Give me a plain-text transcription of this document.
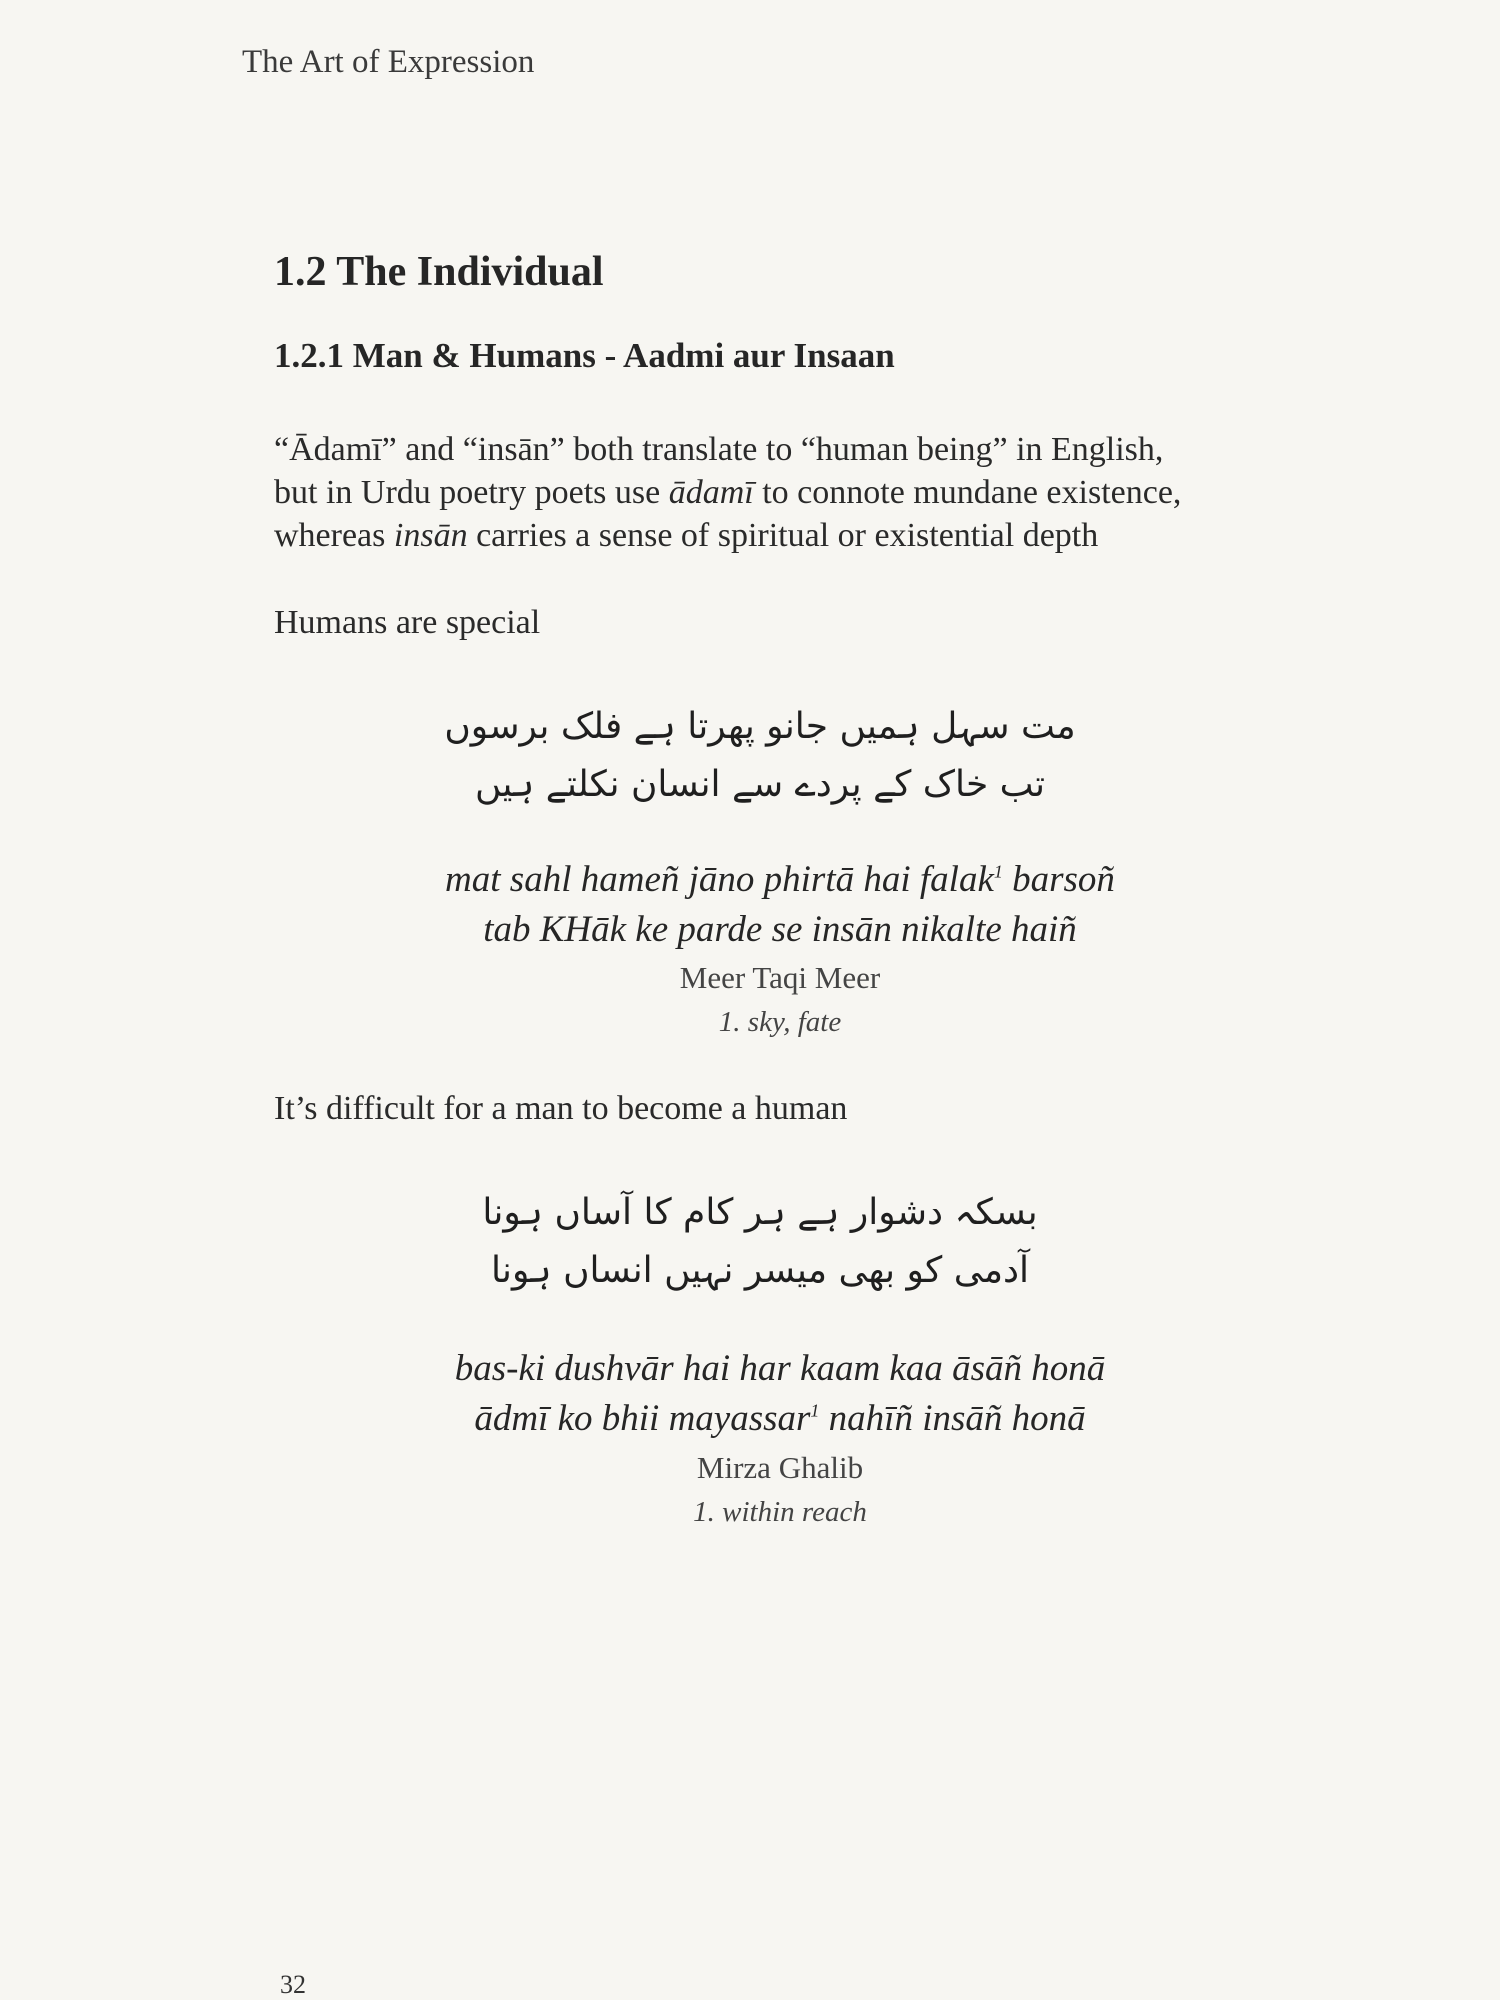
The Art of Expression
1.2 The Individual
1.2.1 Man & Humans - Aadmi aur Insaan
“Ādamī” and “insān” both translate to “human being” in English,
but in Urdu poetry poets use ādamī to connote mundane existence,
whereas insān carries a sense of spiritual or existential depth
Humans are special
مت سہل ہمیں جانو پھرتا ہے فلک برسوں
تب خاک کے پردے سے انسان نکلتے ہیں
mat sahl hameñ jāno phirtā hai falak$^1$ barsoñ
tab KHāk ke parde se insān nikalte haiñ
Meer Taqi Meer
1. sky, fate
It’s difficult for a man to become a human
بسکہ دشوار ہے ہر کام کا آساں ہونا
آدمی کو بھی میسر نہیں انساں ہونا
bas-ki dushvār hai har kaam kaa āsāñ honā
ādmī ko bhii mayassar$^1$ nahīñ insāñ honā
Mirza Ghalib
1. within reach
32
